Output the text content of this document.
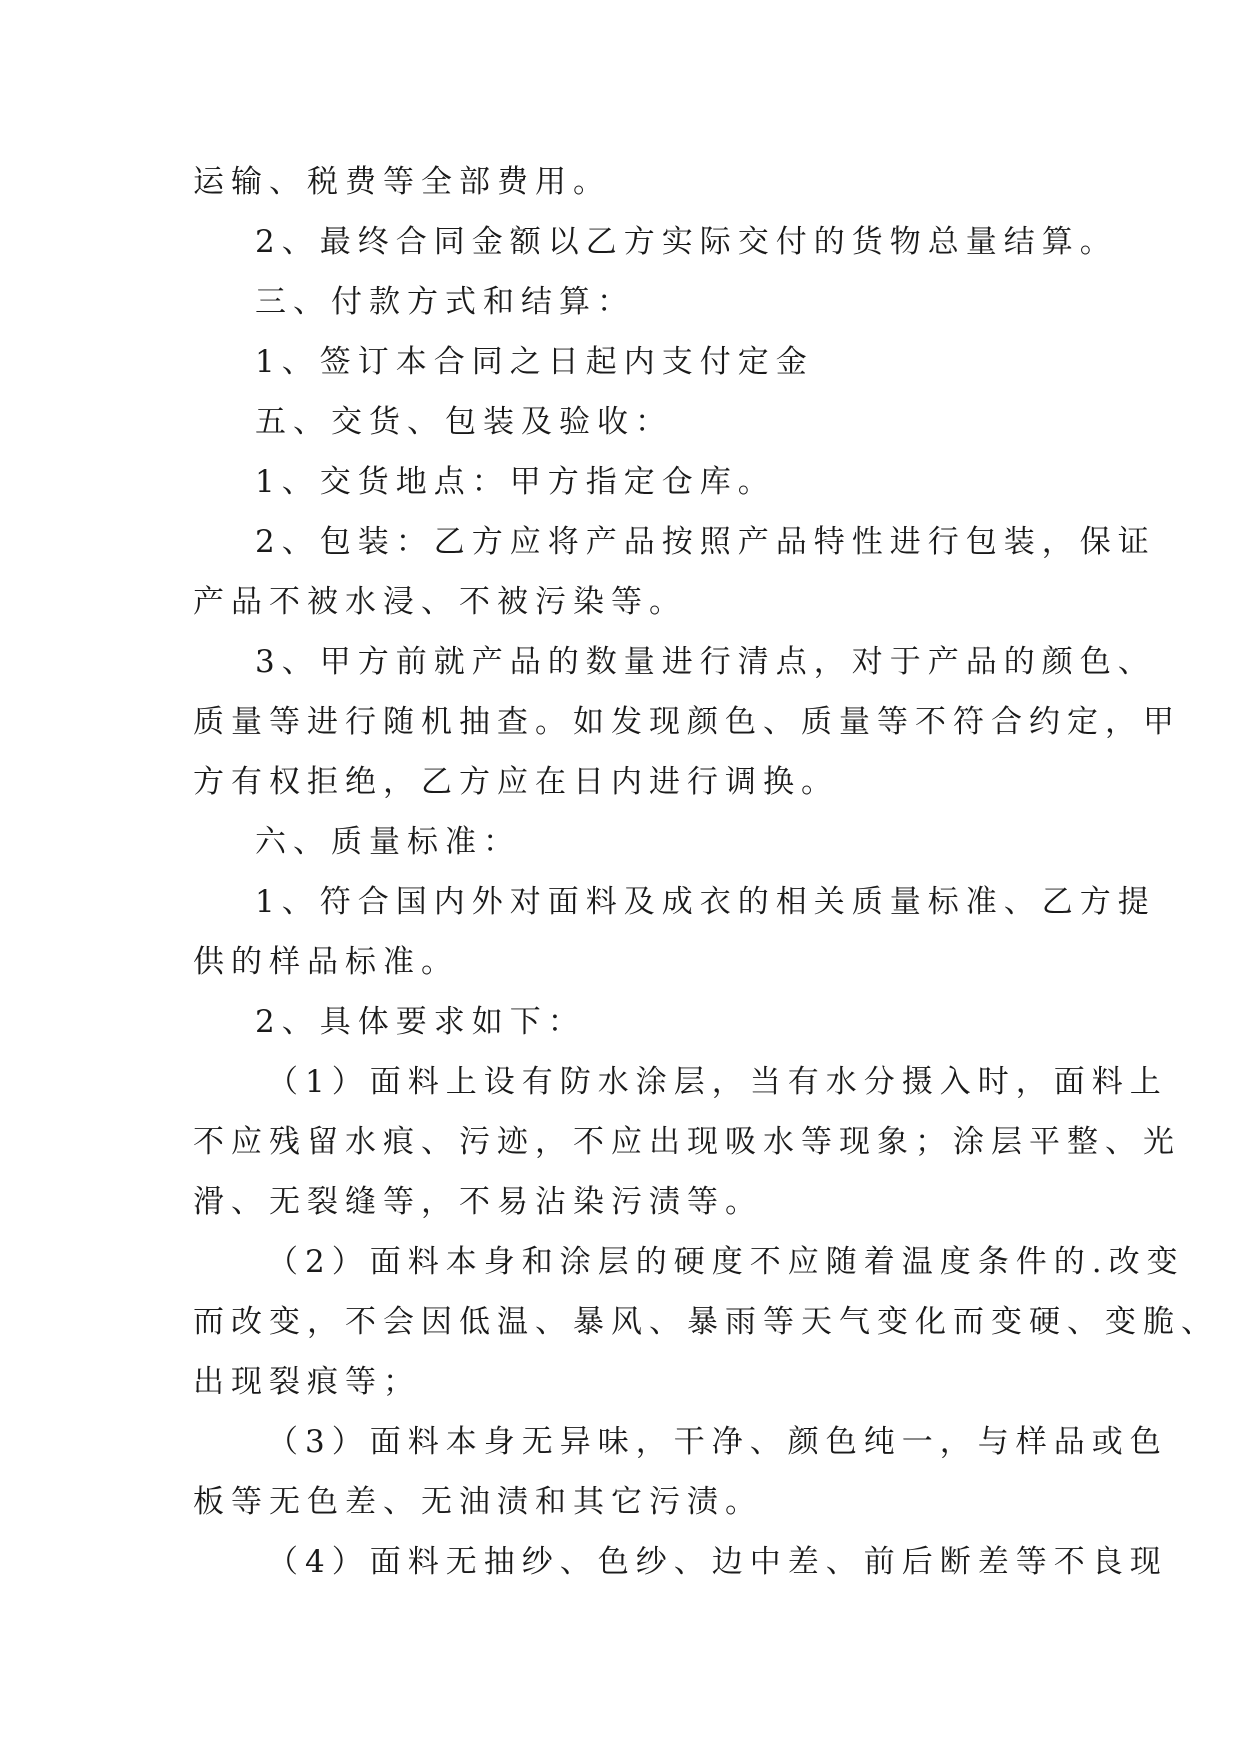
运输、税费等全部费用。
2、最终合同金额以乙方实际交付的货物总量结算。
三、付款方式和结算：
1、签订本合同之日起内支付定金
五、交货、包装及验收：
1、交货地点：甲方指定仓库。
2、包装：乙方应将产品按照产品特性进行包装，保证
产品不被水浸、不被污染等。
3、甲方前就产品的数量进行清点，对于产品的颜色、
质量等进行随机抽查。如发现颜色、质量等不符合约定，甲
方有权拒绝，乙方应在日内进行调换。
六、质量标准：
1、符合国内外对面料及成衣的相关质量标准、乙方提
供的样品标准。
2、具体要求如下：
（1）面料上设有防水涂层，当有水分摄入时，面料上
不应残留水痕、污迹，不应出现吸水等现象；涂层平整、光
滑、无裂缝等，不易沾染污渍等。
（2）面料本身和涂层的硬度不应随着温度条件的.改变
而改变，不会因低温、暴风、暴雨等天气变化而变硬、变脆、
出现裂痕等；
（3）面料本身无异味，干净、颜色纯一，与样品或色
板等无色差、无油渍和其它污渍。
（4）面料无抽纱、色纱、边中差、前后断差等不良现
